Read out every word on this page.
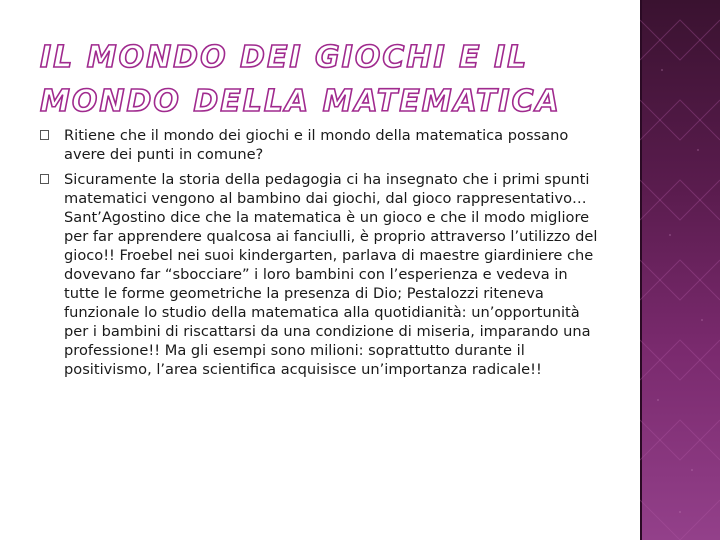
IL MONDO DEI GIOCHI E IL MONDO DELLA MATEMATICA
Ritiene che il mondo dei giochi e il mondo della matematica possano avere dei punti in comune?
Sicuramente la storia della pedagogia ci ha insegnato che i primi spunti matematici vengono al bambino dai giochi, dal gioco rappresentativo…Sant’Agostino dice che la matematica è un gioco e che il modo migliore per far apprendere qualcosa ai fanciulli, è proprio attraverso l’utilizzo del gioco!! Froebel nei suoi kindergarten, parlava di maestre giardiniere che dovevano far “sbocciare” i loro bambini con l’esperienza e vedeva in tutte le forme geometriche la presenza di Dio; Pestalozzi riteneva funzionale lo studio della matematica alla quotidianità: un’opportunità per i bambini di riscattarsi da una condizione di miseria, imparando una professione!! Ma gli esempi sono milioni: soprattutto durante il positivismo, l’area scientifica acquisisce un’importanza radicale!!
